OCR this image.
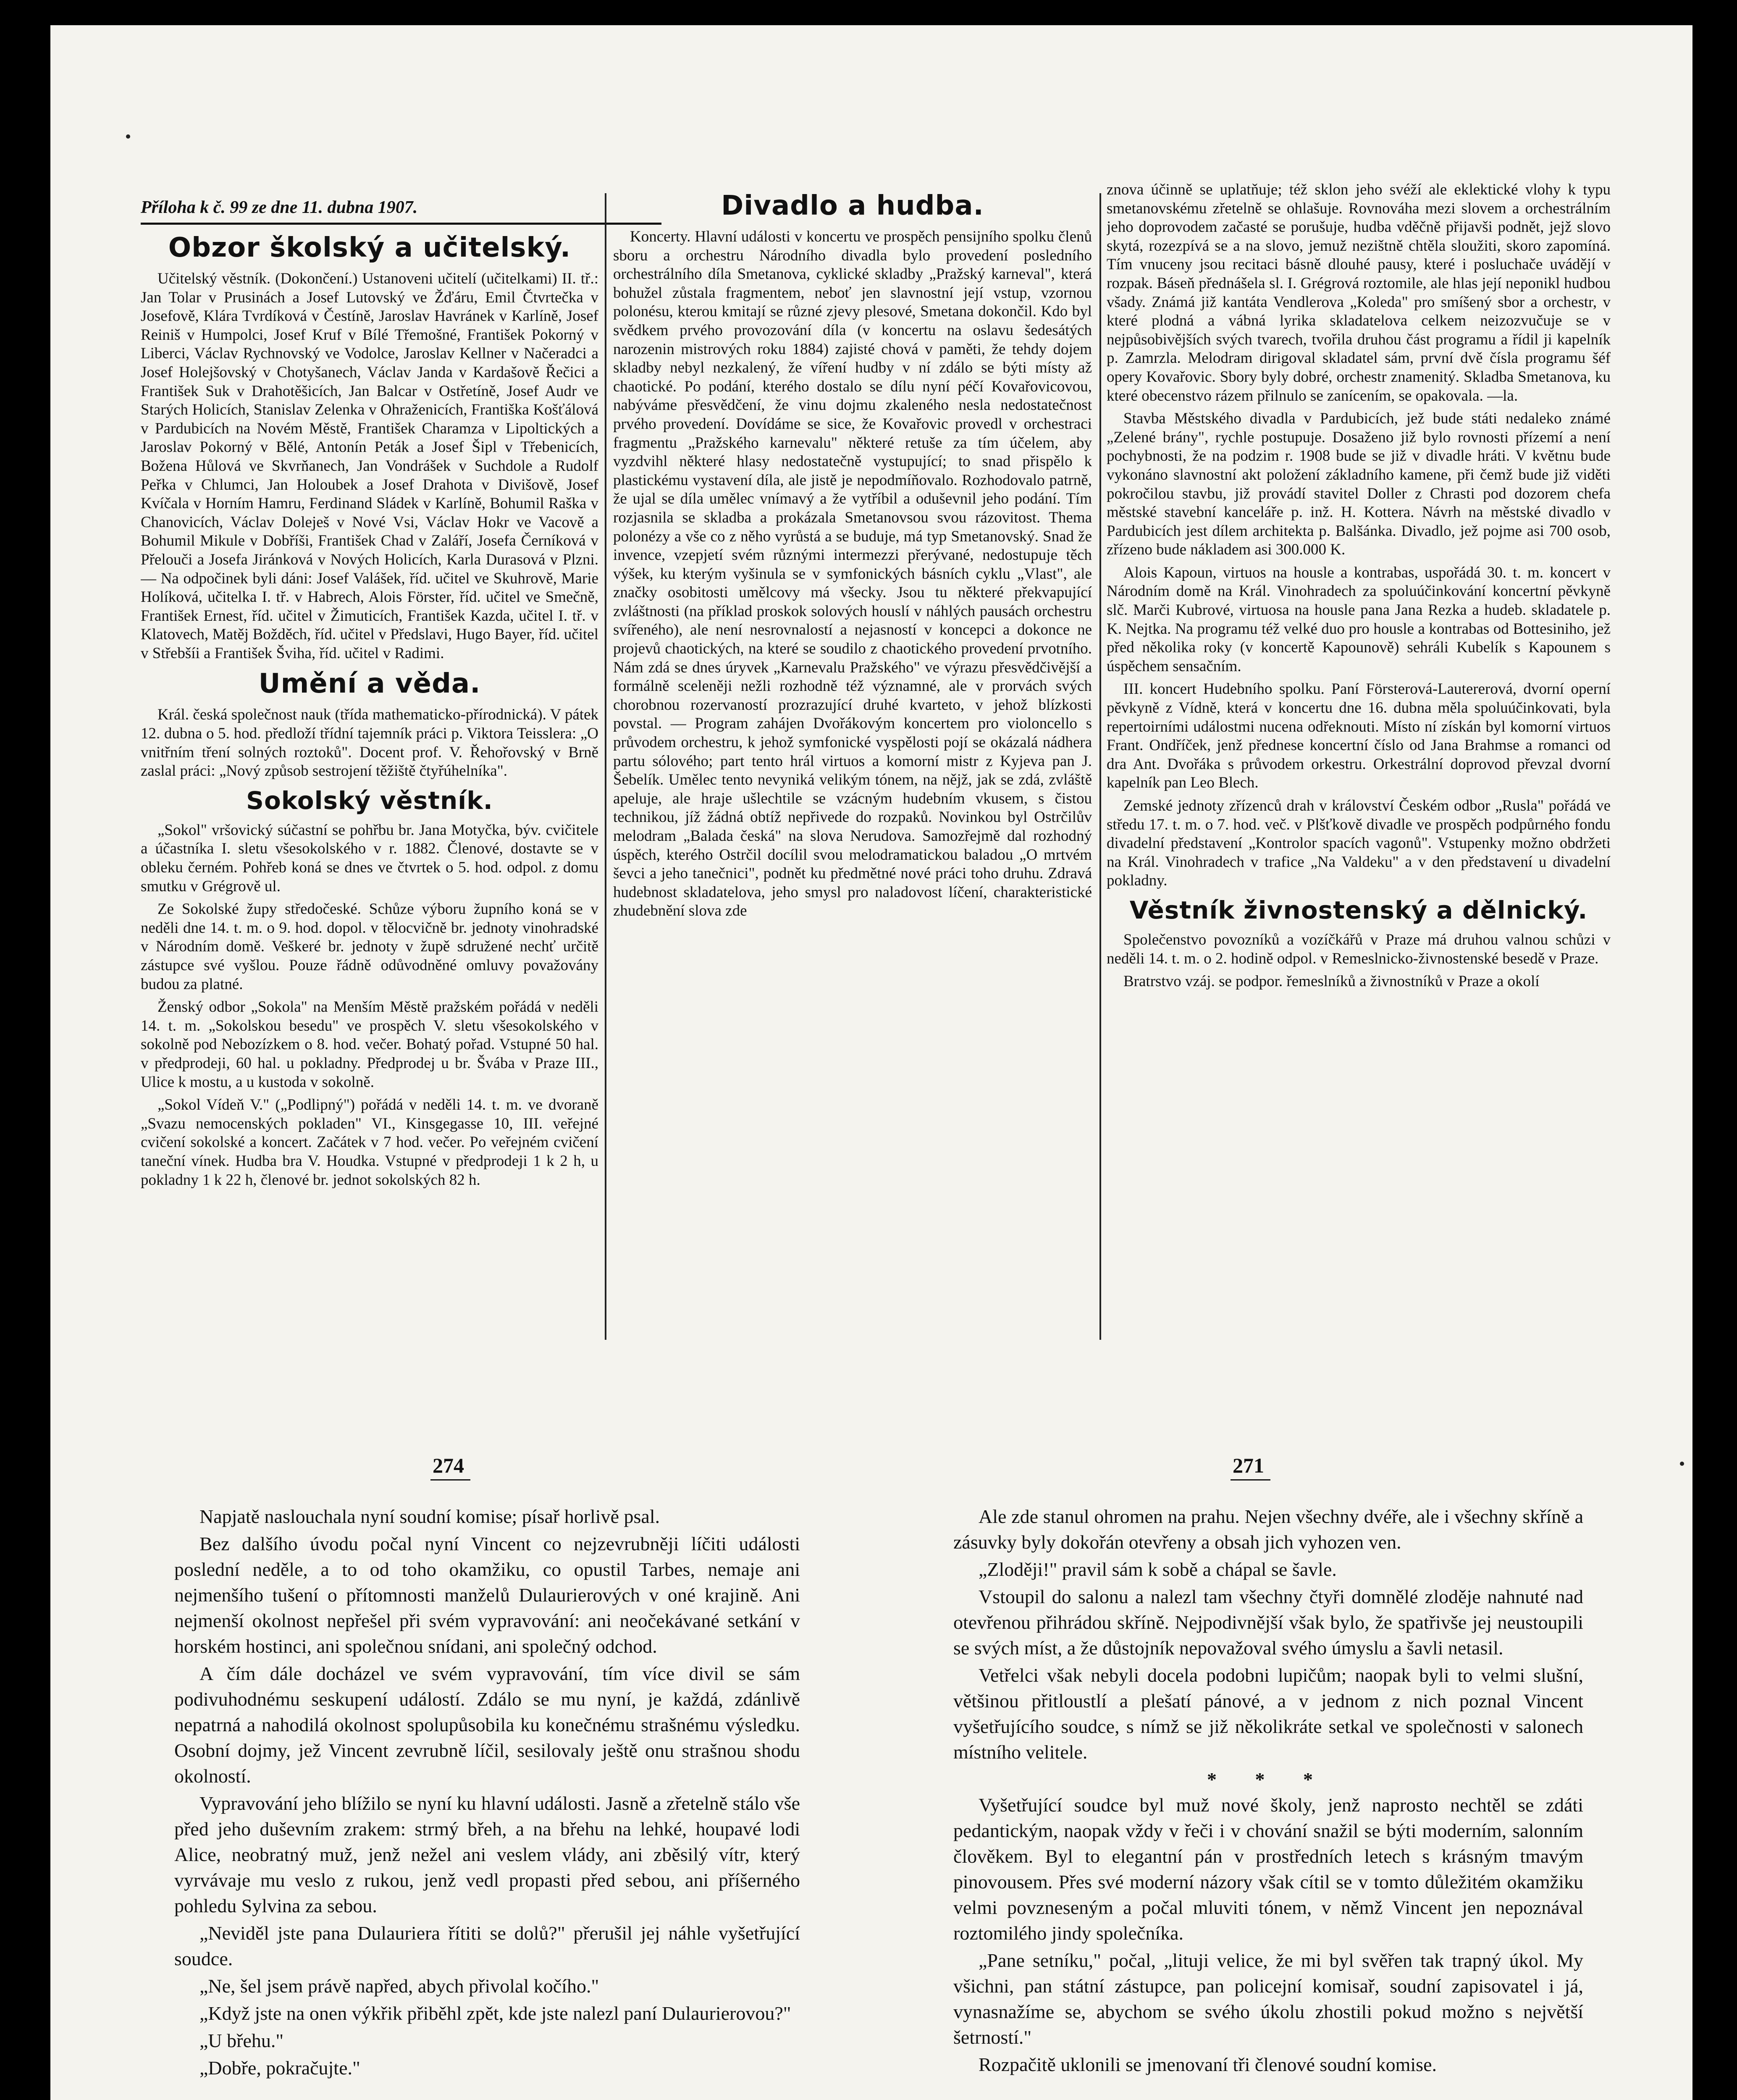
Příloha k č. 99 ze dne 11. dubna 1907.
Obzor školský a učitelský.

Učitelský věstník. (Dokončení.) Ustanoveni učitelí (učitelkami) II. tř.: Jan Tolar v Prusinách a Josef Lutovský ve Žďáru, Emil Čtvrtečka v Josefově, Klára Tvrdíková v Čestíně, Jaroslav Havránek v Karlíně, Josef Reiniš v Humpolci, Josef Kruf v Bílé Třemošné, František Pokorný v Liberci, Václav Rychnovský ve Vodolce, Jaroslav Kellner v Načeradci a Josef Holejšovský v Chotyšanech, Václav Janda v Kardašově Řečici a František Suk v Drahotěšicích, Jan Balcar v Ostřetíně, Josef Audr ve Starých Holicích, Stanislav Zelenka v Ohraženicích, Františka Košťálová v Pardubicích na Novém Městě, František Charamza v Lipoltických a Jaroslav Pokorný v Bělé, Antonín Peták a Josef Šipl v Třebenicích, Božena Hůlová ve Skvrňanech, Jan Vondrášek v Suchdole a Rudolf Peřka v Chlumci, Jan Holoubek a Josef Drahota v Divišově, Josef Kvíčala v Horním Hamru, Ferdinand Sládek v Karlíně, Bohumil Raška v Chanovicích, Václav Doleješ v Nové Vsi, Václav Hokr ve Vacově a Bohumil Mikule v Dobříši, František Chad v Zaláří, Josefa Černíková v Přelouči a Josefa Jiránková v Nových Holicích, Karla Durasová v Plzni. — Na odpočinek byli dáni: Josef Valášek, říd. učitel ve Skuhrově, Marie Holíková, učitelka I. tř. v Habrech, Alois Förster, říd. učitel ve Smečně, František Ernest, říd. učitel v Žimuticích, František Kazda, učitel I. tř. v Klatovech, Matěj Božděch, říd. učitel v Předslavi, Hugo Bayer, říd. učitel v Střebšíi a František Šviha, říd. učitel v Radimi.

Umění a věda.

Král. česká společnost nauk (třída mathematicko-přírodnická). V pátek 12. dubna o 5. hod. předloží třídní tajemník práci p. Viktora Teisslera: „O vnitřním tření solných roztoků". Docent prof. V. Řehořovský v Brně zaslal práci: „Nový způsob sestrojení těžiště čtyřúhelníka".

Sokolský věstník.

„Sokol" vršovický súčastní se pohřbu br. Jana Motyčka, býv. cvičitele a účastníka I. sletu všesokolského v r. 1882. Členové, dostavte se v obleku černém. Pohřeb koná se dnes ve čtvrtek o 5. hod. odpol. z domu smutku v Grégrově ul.

Ze Sokolské župy středočeské. Schůze výboru župního koná se v neděli dne 14. t. m. o 9. hod. dopol. v tělocvičně br. jednoty vinohradské v Národním domě. Veškeré br. jednoty v župě sdružené nechť určitě zástupce své vyšlou. Pouze řádně odůvodněné omluvy považovány budou za platné.

Ženský odbor „Sokola" na Menším Městě pražském pořádá v neděli 14. t. m. „Sokolskou besedu" ve prospěch V. sletu všesokolského v sokolně pod Nebozízkem o 8. hod. večer. Bohatý pořad. Vstupné 50 hal. v předprodeji, 60 hal. u pokladny. Předprodej u br. Švába v Praze III., Ulice k mostu, a u kustoda v sokolně.

„Sokol Vídeň V." („Podlipný") pořádá v neděli 14. t. m. ve dvoraně „Svazu nemocenských pokladen" VI., Kinsgegasse 10, III. veřejné cvičení sokolské a koncert. Začátek v 7 hod. večer. Po veřejném cvičení taneční vínek. Hudba bra V. Houdka. Vstupné v předprodeji 1 k 2 h, u pokladny 1 k 22 h, členové br. jednot sokolských 82 h.

Divadlo a hudba.

Koncerty. Hlavní události v koncertu ve prospěch pensijního spolku členů sboru a orchestru Národního divadla bylo provedení posledního orchestrálního díla Smetanova, cyklické skladby „Pražský karneval", která bohužel zůstala fragmentem, neboť jen slavnostní její vstup, vzornou polonésu, kterou kmitají se různé zjevy plesové, Smetana dokončil. Kdo byl svědkem prvého provozování díla (v koncertu na oslavu šedesátých narozenin mistrových roku 1884) zajisté chová v paměti, že tehdy dojem skladby nebyl nezkalený, že víření hudby v ní zdálo se býti místy až chaotické. Po podání, kterého dostalo se dílu nyní péčí Kovařovicovou, nabýváme přesvědčení, že vinu dojmu zkaleného nesla nedostatečnost prvého provedení. Dovídáme se sice, že Kovařovic provedl v orchestraci fragmentu „Pražského karnevalu" některé retuše za tím účelem, aby vyzdvihl některé hlasy nedostatečně vystupující; to snad přispělo k plastickému vystavení díla, ale jistě je nepodmíňovalo. Rozhodovalo patrně, že ujal se díla umělec vnímavý a že vytříbil a oduševnil jeho podání. Tím rozjasnila se skladba a prokázala Smetanovsou svou rázovitost. Thema polonézy a vše co z něho vyrůstá a se buduje, má typ Smetanovský. Snad že invence, vzepjetí svém různými intermezzi přerývané, nedostupuje těch výšek, ku kterým vyšinula se v symfonických básních cyklu „Vlast", ale značky osobitosti umělcovy má všecky. Jsou tu některé překvapující zvláštnosti (na příklad proskok solových houslí v náhlých pausách orchestru svířeného), ale není nesrovnalostí a nejasností v koncepci a dokonce ne projevů chaotických, na které se soudilo z chaotického provedení prvotního. Nám zdá se dnes úryvek „Karnevalu Pražského" ve výrazu přesvědčivější a formálně sceleněji nežli rozhodně též významné, ale v prorvách svých chorobnou rozervaností prozrazující druhé kvarteto, v jehož blízkosti povstal. — Program zahájen Dvořákovým koncertem pro violoncello s průvodem orchestru, k jehož symfonické vyspělosti pojí se okázalá nádhera partu sólového; part tento hrál virtuos a komorní mistr z Kyjeva pan J. Šebelík. Umělec tento nevyniká velikým tónem, na nějž, jak se zdá, zvláště apeluje, ale hraje ušlechtile se vzácným hudebním vkusem, s čistou technikou, jíž žádná obtíž nepřivede do rozpaků. Novinkou byl Ostrčilův melodram „Balada česká" na slova Nerudova. Samozřejmě dal rozhodný úspěch, kterého Ostrčil docílil svou melodramatickou baladou „O mrtvém ševci a jeho tanečnici", podnět ku předmětné nové práci toho druhu. Zdravá hudebnost skladatelova, jeho smysl pro naladovost líčení, charakteristické zhudebnění slova zde

znova účinně se uplatňuje; též sklon jeho svéží ale eklektické vlohy k typu smetanovskému zřetelně se ohlašuje. Rovnováha mezi slovem a orchestrálním jeho doprovodem začasté se porušuje, hudba vděčně přijavši podnět, jejž slovo skytá, rozezpívá se a na slovo, jemuž nezištně chtěla sloužiti, skoro zapomíná. Tím vnuceny jsou recitaci básně dlouhé pausy, které i posluchače uvádějí v rozpak. Báseň přednášela sl. I. Grégrová roztomile, ale hlas její neponikl hudbou všady. Známá již kantáta Vendlerova „Koleda" pro smíšený sbor a orchestr, v které plodná a vábná lyrika skladatelova celkem neizozvučuje se v nejpůsobivějších svých tvarech, tvořila druhou část programu a řídil ji kapelník p. Zamrzla. Melodram dirigoval skladatel sám, první dvě čísla programu šéf opery Kovařovic. Sbory byly dobré, orchestr znamenitý. Skladba Smetanova, ku které obecenstvo rázem přilnulo se zanícením, se opakovala. —la.

Stavba Městského divadla v Pardubicích, jež bude státi nedaleko známé „Zelené brány", rychle postupuje. Dosaženo již bylo rovnosti přízemí a není pochybnosti, že na podzim r. 1908 bude se již v divadle hráti. V květnu bude vykonáno slavnostní akt položení základního kamene, při čemž bude již viděti pokročilou stavbu, již provádí stavitel Doller z Chrasti pod dozorem chefa městské stavební kanceláře p. inž. H. Kottera. Návrh na městské divadlo v Pardubicích jest dílem architekta p. Balšánka. Divadlo, jež pojme asi 700 osob, zřízeno bude nákladem asi 300.000 K.

Alois Kapoun, virtuos na housle a kontrabas, uspořádá 30. t. m. koncert v Národním domě na Král. Vinohradech za spoluúčinkování koncertní pěvkyně slč. Marči Kubrové, virtuosa na housle pana Jana Rezka a hudeb. skladatele p. K. Nejtka. Na programu též velké duo pro housle a kontrabas od Bottesiniho, jež před několika roky (v koncertě Kapounově) sehráli Kubelík s Kapounem s úspěchem sensačním.

III. koncert Hudebního spolku. Paní Försterová-Lautererová, dvorní operní pěvkyně z Vídně, která v koncertu dne 16. dubna měla spoluúčinkovati, byla repertoirními událostmi nucena odřeknouti. Místo ní získán byl komorní virtuos Frant. Ondříček, jenž přednese koncertní číslo od Jana Brahmse a romanci od dra Ant. Dvořáka s průvodem orkestru. Orkestrální doprovod převzal dvorní kapelník pan Leo Blech.

Zemské jednoty zřízenců drah v království Českém odbor „Rusla" pořádá ve středu 17. t. m. o 7. hod. več. v Plšťkově divadle ve prospěch podpůrného fondu divadelní představení „Kontrolor spacích vagonů". Vstupenky možno obdržeti na Král. Vinohradech v trafice „Na Valdeku" a v den představení u divadelní pokladny.

Věstník živnostenský a dělnický.

Společenstvo povozníků a vozíčkářů v Praze má druhou valnou schůzi v neděli 14. t. m. o 2. hodině odpol. v Remeslnicko-živnostenské besedě v Praze.

Bratrstvo vzáj. se podpor. řemeslníků a živnostníků v Praze a okolí

274

Napjatě naslouchala nyní soudní komise; písař horlivě psal.

Bez dalšího úvodu počal nyní Vincent co nejzevrubněji líčiti události poslední neděle, a to od toho okamžiku, co opustil Tarbes, nemaje ani nejmenšího tušení o přítomnosti manželů Dulaurierových v oné krajině. Ani nejmenší okolnost nepřešel při svém vypravování: ani neočekávané setkání v horském hostinci, ani společnou snídani, ani společný odchod.

A čím dále docházel ve svém vypravování, tím více divil se sám podivuhodnému seskupení událostí. Zdálo se mu nyní, je každá, zdánlivě nepatrná a nahodilá okolnost spolupůsobila ku konečnému strašnému výsledku. Osobní dojmy, jež Vincent zevrubně líčil, sesilovaly ještě onu strašnou shodu okolností.

Vypravování jeho blížilo se nyní ku hlavní události. Jasně a zřetelně stálo vše před jeho duševním zrakem: strmý břeh, a na břehu na lehké, houpavé lodi Alice, neobratný muž, jenž nežel ani veslem vlády, ani zběsilý vítr, který vyrvávaje mu veslo z rukou, jenž vedl propasti před sebou, ani příšerného pohledu Sylvina za sebou.

„Neviděl jste pana Dulauriera řítiti se dolů?" přerušil jej náhle vyšetřující soudce.

„Ne, šel jsem právě napřed, abych přivolal kočího."

„Když jste na onen výkřik přiběhl zpět, kde jste nalezl paní Dulaurierovou?"

„U břehu."

„Dobře, pokračujte."

271

Ale zde stanul ohromen na prahu. Nejen všechny dvéře, ale i všechny skříně a zásuvky byly dokořán otevřeny a obsah jich vyhozen ven.

„Zloději!" pravil sám k sobě a chápal se šavle.

Vstoupil do salonu a nalezl tam všechny čtyři domnělé zloděje nahnuté nad otevřenou přihrádou skříně. Nejpodivnější však bylo, že spatřivše jej neustoupili se svých míst, a že důstojník nepovažoval svého úmyslu a šavli netasil.

Vetřelci však nebyli docela podobni lupičům; naopak byli to velmi slušní, většinou přitloustlí a plešatí pánové, a v jednom z nich poznal Vincent vyšetřujícího soudce, s nímž se již několikráte setkal ve společnosti v salonech místního velitele.

* * *

Vyšetřující soudce byl muž nové školy, jenž naprosto nechtěl se zdáti pedantickým, naopak vždy v řeči i v chování snažil se býti moderním, salonním člověkem. Byl to elegantní pán v prostředních letech s krásným tmavým pinovousem. Přes své moderní názory však cítil se v tomto důležitém okamžiku velmi povzneseným a počal mluviti tónem, v němž Vincent jen nepoznával roztomilého jindy společníka.

„Pane setníku," počal, „lituji velice, že mi byl svěřen tak trapný úkol. My všichni, pan státní zástupce, pan policejní komisař, soudní zapisovatel i já, vynasnažíme se, abychom se svého úkolu zhostili pokud možno s největší šetrností."

Rozpačitě uklonili se jmenovaní tři členové soudní komise.
